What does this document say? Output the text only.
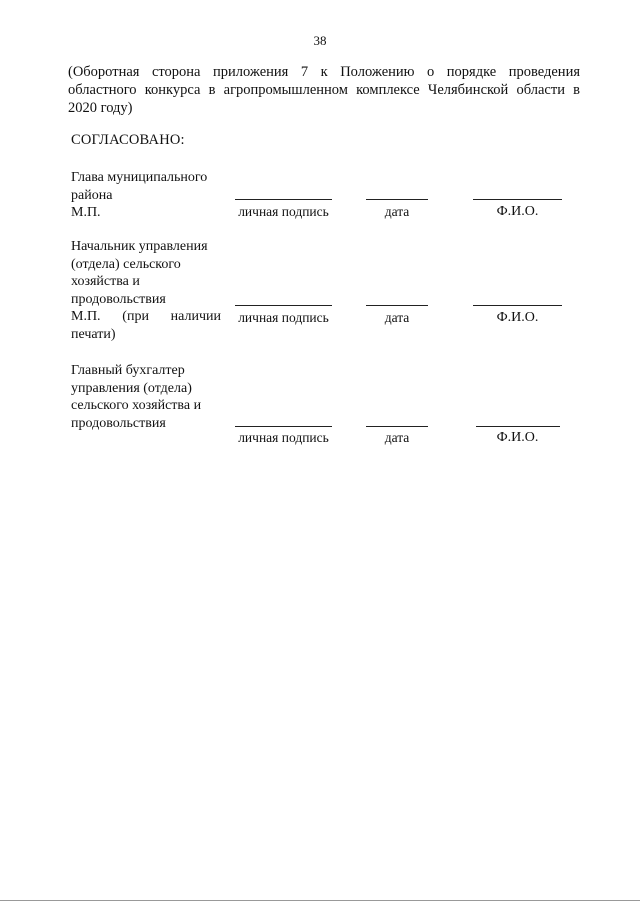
38
(Оборотная сторона приложения 7 к Положению о порядке проведения
областного конкурса в агропромышленном комплексе Челябинской области в
2020 году)
СОГЛАСОВАНО:
Глава муниципального
района
М.П.	личная подпись	дата	Ф.И.О.
Начальник управления
(отдела) сельского
хозяйства и
продовольствия
М.П. (при наличии
печати)
личная подпись	дата	Ф.И.О.
Главный бухгалтер
управления (отдела)
сельского хозяйства и
продовольствия
личная подпись	дата	Ф.И.О.
